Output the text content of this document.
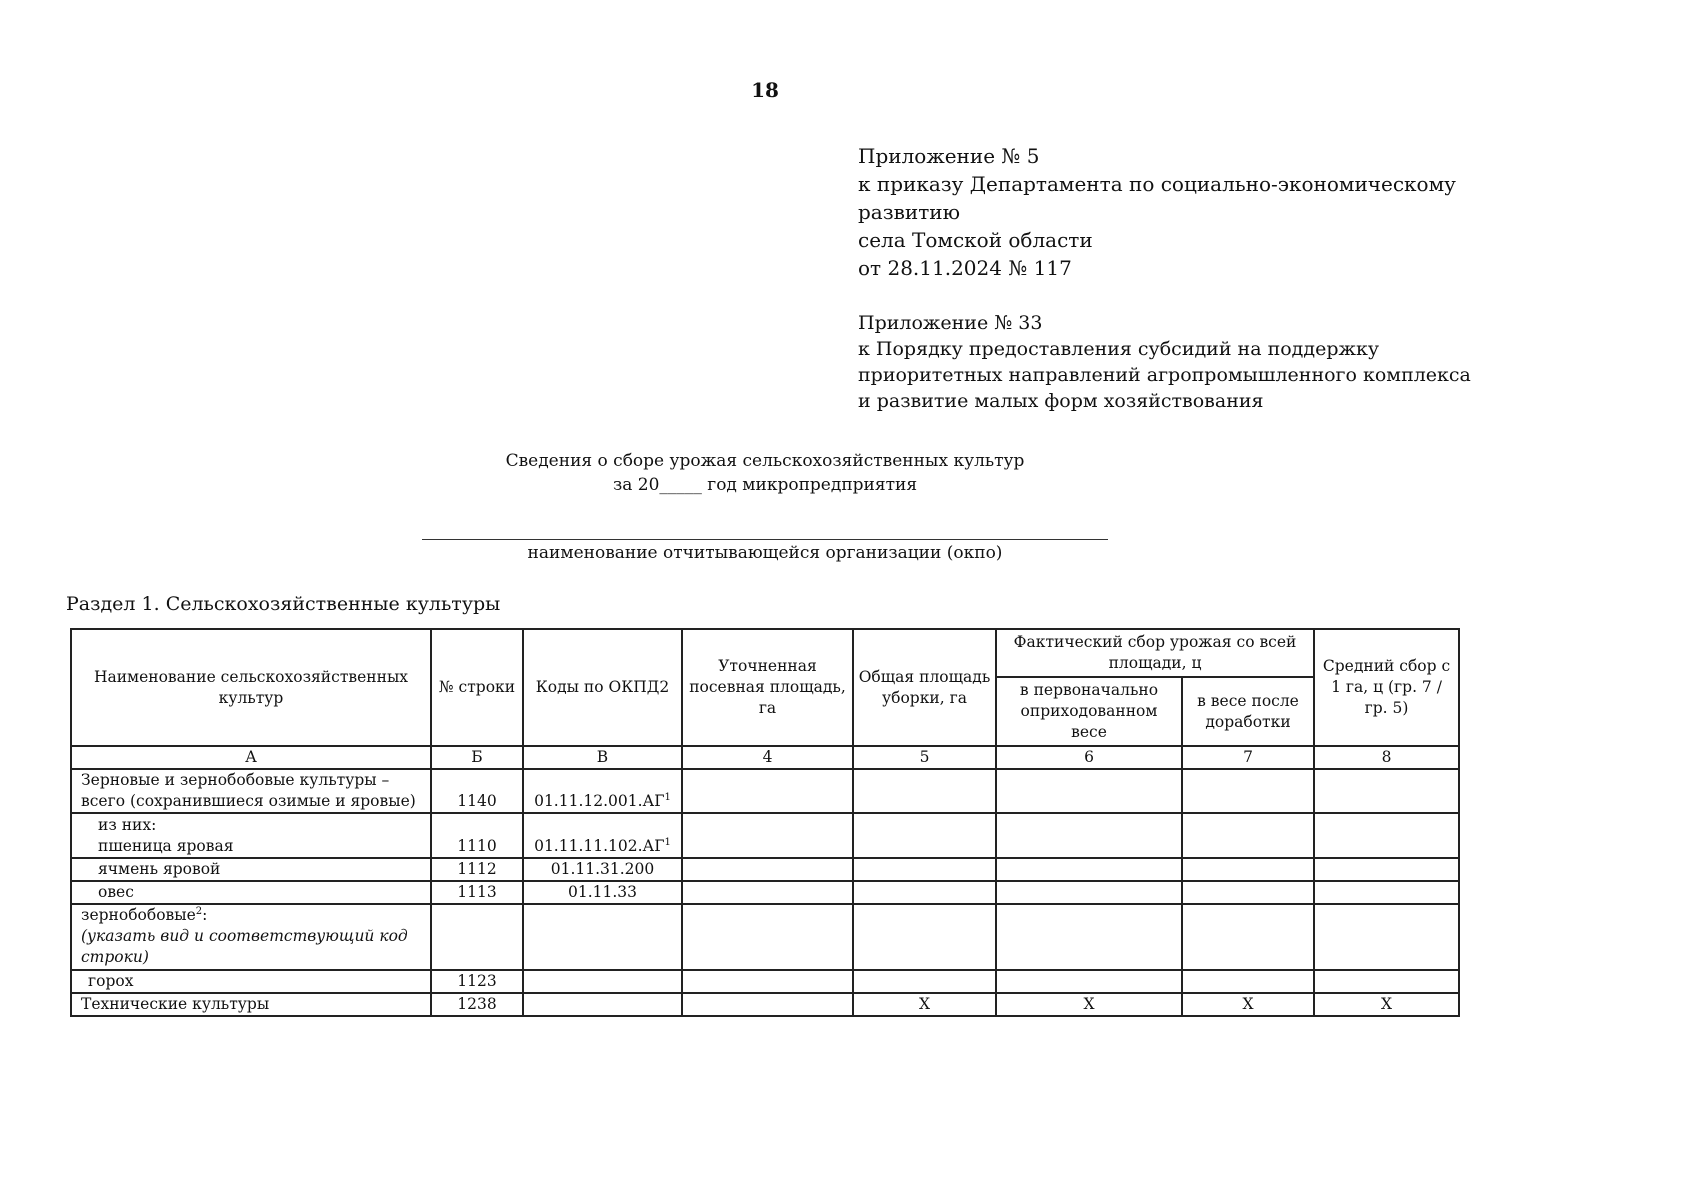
18
Приложение № 5
к приказу Департамента по социально-экономическому
развитию
села Томской области
от 28.11.2024 № 117
Приложение № 33
к Порядку предоставления субсидий на поддержку
приоритетных направлений агропромышленного комплекса
и развитие малых форм хозяйствования
Сведения о сборе урожая сельскохозяйственных культур
за 20_____ год микропредприятия
наименование отчитывающейся организации (окпо)
Раздел 1. Сельскохозяйственные культуры
Наименование сельскохозяйственных культур	№ строки	Коды по ОКПД2	Уточненная посевная площадь, га	Общая площадь уборки, га	Фактический сбор урожая со всей площади, ц		Средний сбор с 1 га, ц (гр. 7 / гр. 5)
					в первоначально оприходованном весе	в весе после доработки	
А	Б	В	4	5	6	7	8

Зерновые и зернобобовые культуры –
всего (сохранившиеся озимые и яровые)	1140	$01.11.12.001.АГ^1$					

из них:
пшеница яровая	1110	$01.11.11.102.АГ^1$					
ячмень яровой	1112	01.11.31.200					
овес	1113	01.11.33					

зернобобовые$^2$:
(указать вид и соответствующий код строки)							

горох	1123						
Технические культуры	1238			X	X	X	X
